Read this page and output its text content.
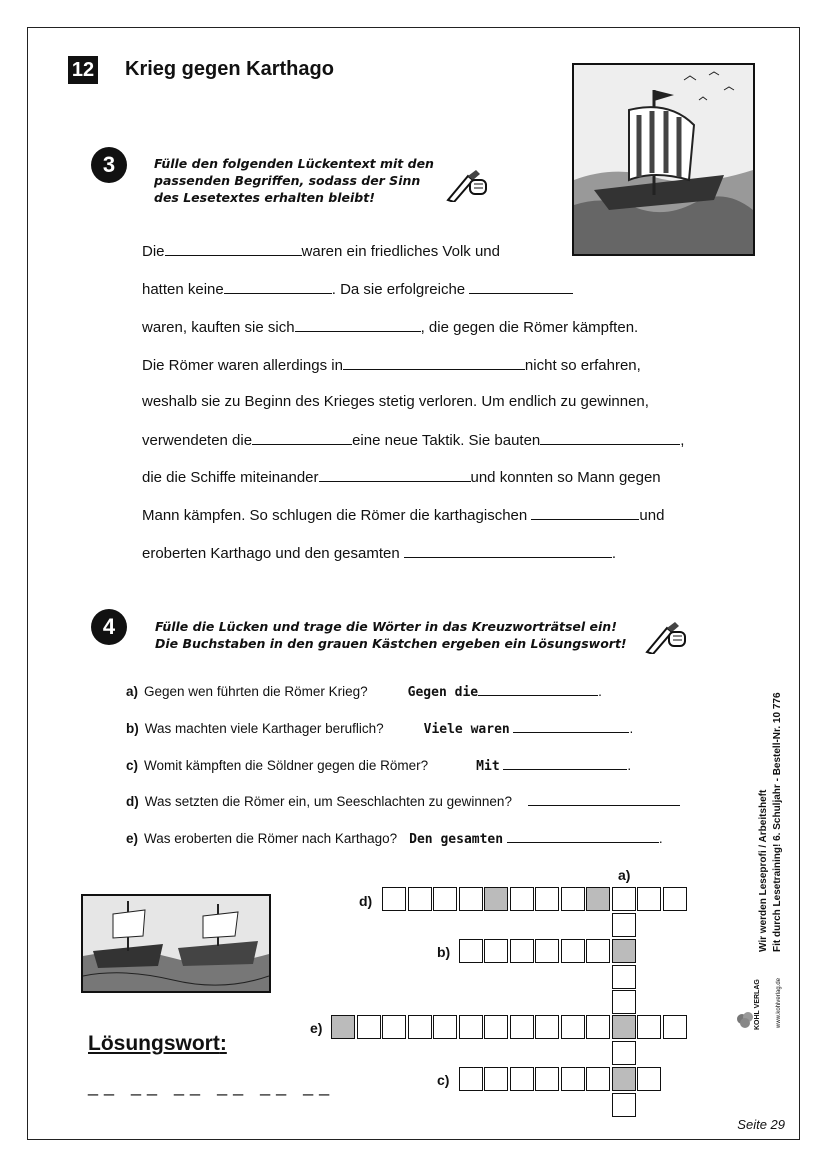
12 Krieg gegen Karthago
3	Fülle den folgenden Lückentext mit den
passenden Begriffen, sodass der Sinn
des Lesetextes erhalten bleibt!
Die	waren ein friedliches Volk und
hatten keine	. Da sie erfolgreiche
waren, kauften sie sich	, die gegen die Römer kämpften.
Die Römer waren allerdings in	nicht so erfahren,
weshalb sie zu Beginn des Krieges stetig verloren. Um endlich zu gewinnen,
verwendeten die	eine neue Taktik. Sie bauten	,
die die Schiffe miteinander	und konnten so Mann gegen
Mann kämpfen. So schlugen die Römer die karthagischen	und
eroberten Karthago und den gesamten	.
4	Fülle die Lücken und trage die Wörter in das Kreuzworträtsel ein!
Die Buchstaben in den grauen Kästchen ergeben ein Lösungswort!
a) Gegen wen führten die Römer Krieg?	Gegen die	.
b) Was machten viele Karthager beruflich?	Viele waren	.
c) Womit kämpften die Söldner gegen die Römer?	Mit	.
d) Was setzten die Römer ein, um Seeschlachten zu gewinnen?
e) Was eroberten die Römer nach Karthago? Den gesamten	.
a)
d)
b)
e)
c)
Lösungswort:
__ __ __ __ __ __
Wir werden Leseprofi / Arbeitsheft Fit durch Lesetraining! 6. Schuljahr - Bestell-Nr. 10 776
KOHL VERLAG	www.kohlverlag.de
Seite 29
